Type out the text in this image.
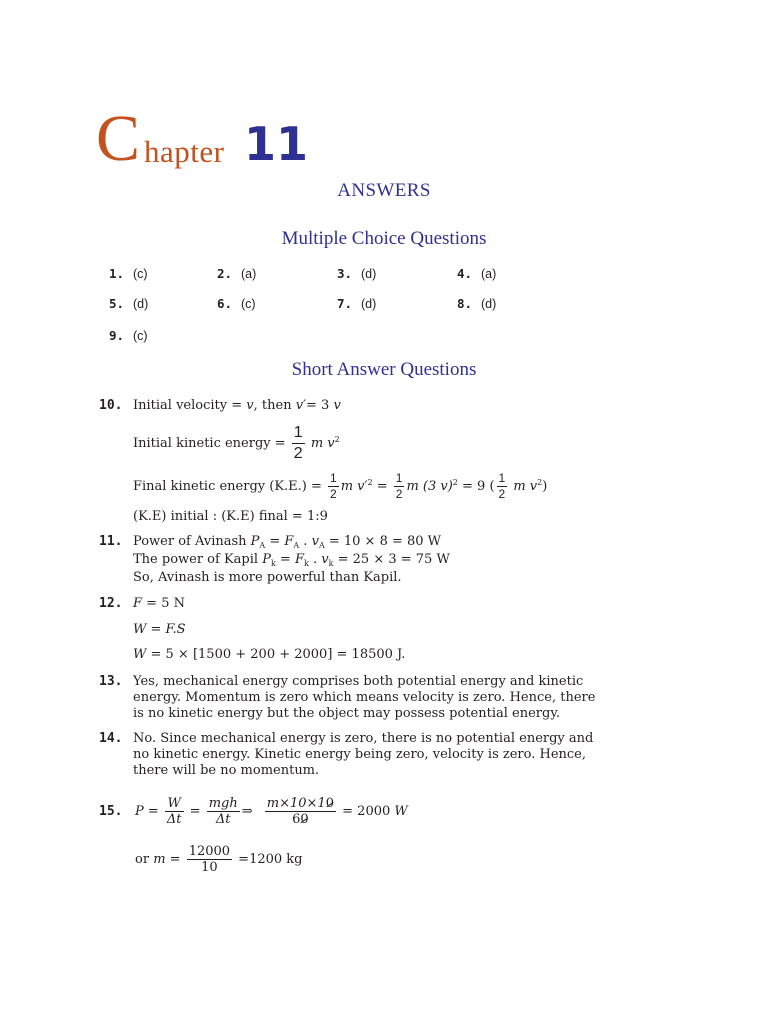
C hapter 11
ANSWERS
Multiple Choice Questions
1. (c)	2. (a)	3. (d)	4. (a)
5. (d)	6. (c)	7. (d)	8. (d)
9. (c)
Short Answer Questions
10. Initial velocity = v, then v′= 3 v
Initial kinetic energy = $\frac{1}{2}$ m $v^2$
Final kinetic energy $(K.E.) = \frac{1}{2}$ m $v'^2 = \frac{1}{2}$ m (3 v)$^2$ = 9 ( $\frac{1}{2}$ m $v^2$)
(K.E) initial : (K.E) final = 1:9
11. Power of Avinash $P_A = F_A$ . $v_A = 10 \times 8 = 80$ W
The power of Kapil $P_k = F_k$ . $v_k = 25 \times 3 = 75$ W
So, Avinash is more powerful than Kapil.
12. F = 5 N
W = F.S
W = 5 × [1500 + 200 + 2000] = 18500 J.
13. Yes, mechanical energy comprises both potential energy and kinetic energy. Momentum is zero which means velocity is zero. Hence, there is no kinetic energy but the object may possess potential energy.
14. No. Since mechanical energy is zero, there is no potential energy and no kinetic energy. Kinetic energy being zero, velocity is zero. Hence, there will be no momentum.
15. $P = \frac{W}{\Delta t} = \frac{\text{mgh}}{\Delta t}$ ⇒ $\frac{m\times 10\times 10}{60} = 2000$ W
or $m = \frac{12000}{10} =1200$ kg
